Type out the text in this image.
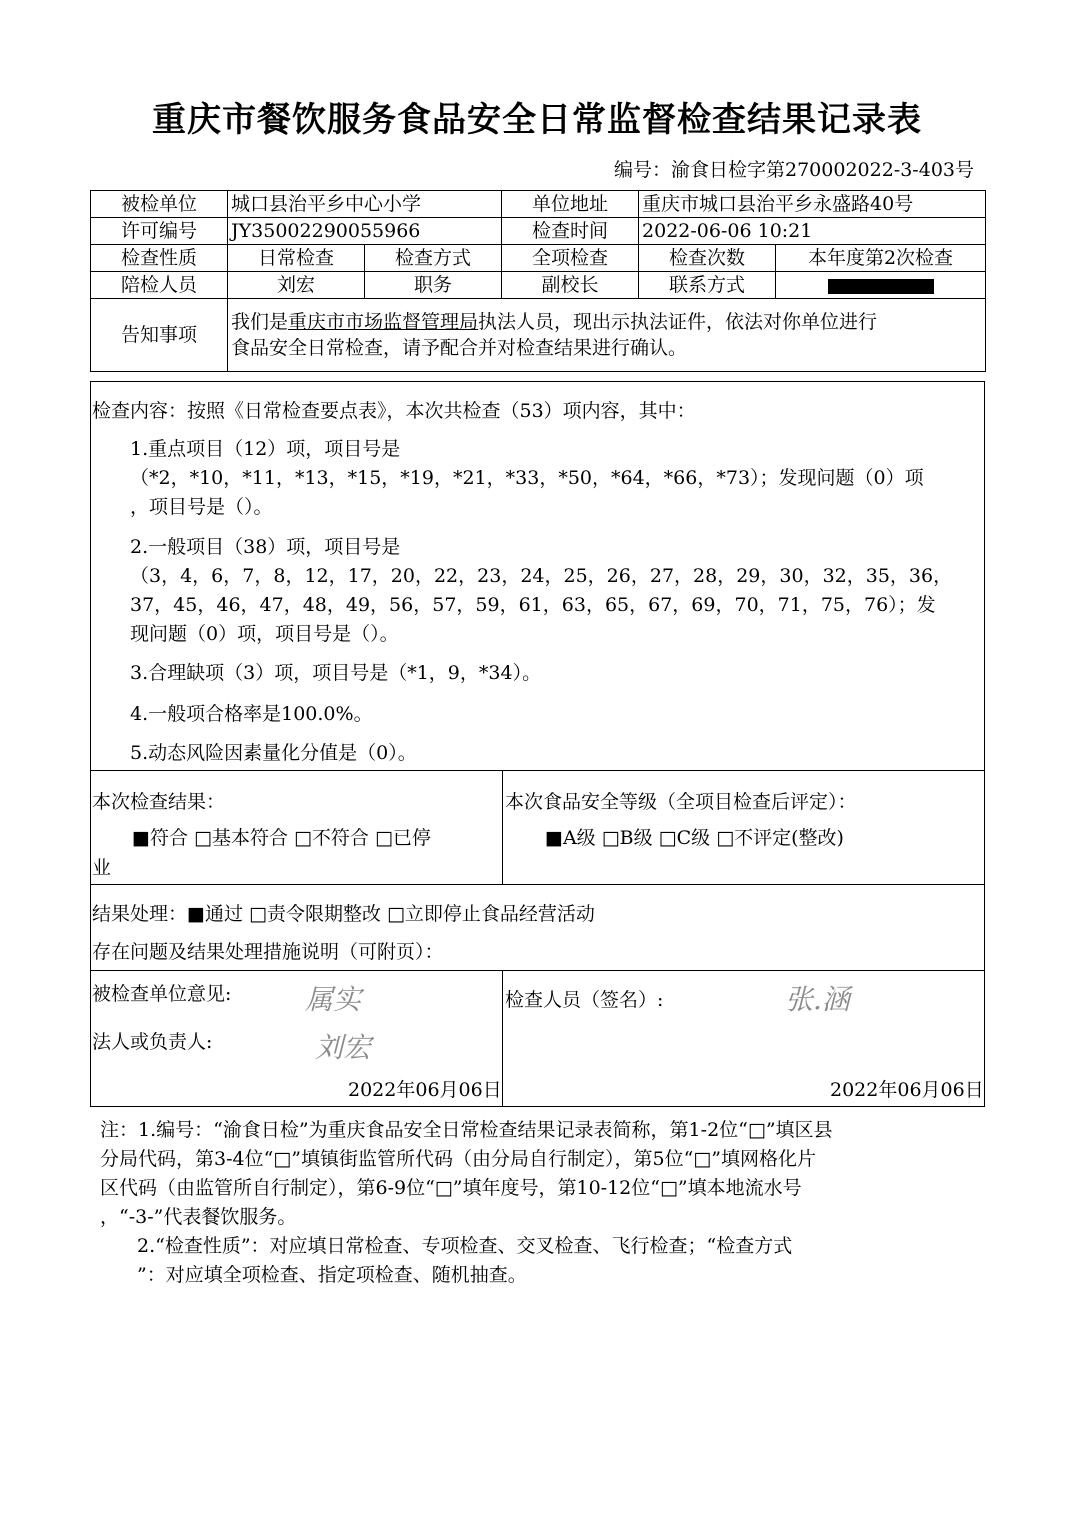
重庆市餐饮服务食品安全日常监督检查结果记录表
编号：渝食日检字第270002022-3-403号
被检单位	城口县治平乡中心小学		单位地址	重庆市城口县治平乡永盛路40号	
许可编号	JY35002290055966		检查时间	2022-06-06 10:21	
检查性质	日常检查	检查方式	全项检查	检查次数	本年度第2次检查
陪检人员	刘宏	职务	副校长	联系方式	
告知事项	我们是重庆市市场监督管理局执法人员，现出示执法证件，依法对你单位进行
食品安全日常检查，请予配合并对检查结果进行确认。				
检查内容：按照《日常检查要点表》，本次共检查（53）项内容，其中：
1.重点项目（12）项，项目号是
（*2，*10，*11，*13，*15，*19，*21，*33，*50，*64，*66，*73）；发现问题（0）项
，项目号是（）。
2.一般项目（38）项，项目号是
（3，4，6，7，8，12，17，20，22，23，24，25，26，27，28，29，30，32，35，36，
37，45，46，47，48，49，56，57，59，61，63，65，67，69，70，71，75，76）；发
现问题（0）项，项目号是（）。
3.合理缺项（3）项，项目号是（*1，9，*34）。
4.一般项合格率是100.0%。
5.动态风险因素量化分值是（0）。
本次检查结果：
■符合 □基本符合 □不符合 □已停
业
本次食品安全等级（全项目检查后评定）：
■A级 □B级 □C级 □不评定(整改)
结果处理：■通过 □责令限期整改 □立即停止食品经营活动
存在问题及结果处理措施说明（可附页）：
被检查单位意见:	属实
法人或负责人:	刘宏
2022年06月06日
检查人员（签名）:	张.涵
2022年06月06日
注：1.编号：“渝食日检”为重庆食品安全日常检查结果记录表简称，第1-2位“□”填区县
分局代码，第3-4位“□”填镇街监管所代码（由分局自行制定），第5位“□”填网格化片
区代码（由监管所自行制定），第6-9位“□”填年度号，第10-12位“□”填本地流水号
，“-3-”代表餐饮服务。
2.“检查性质”：对应填日常检查、专项检查、交叉检查、飞行检查；“检查方式
”：对应填全项检查、指定项检查、随机抽查。
